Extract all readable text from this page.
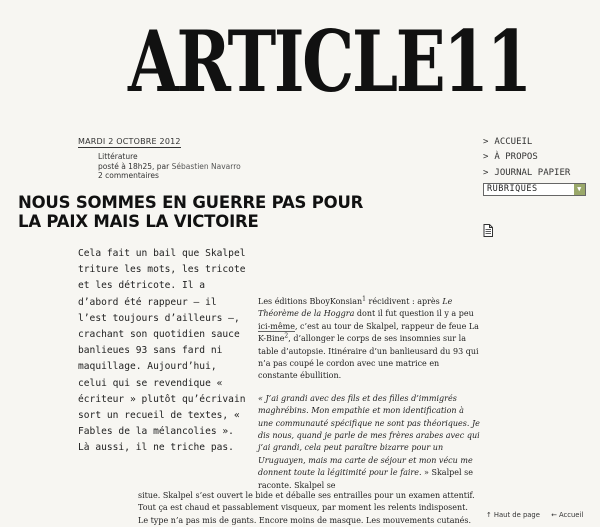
ARTICLE11
MARDI 2 OCTOBRE 2012
Littérature
posté à 18h25, par Sébastien Navarro
2 commentaires
NOUS SOMMES EN GUERRE PAS POUR LA PAIX MAIS LA VICTOIRE

Cela fait un bail que Skalpel triture les mots, les tricote et les détricote. Il a d’abord été rappeur – il l’est toujours d’ailleurs –, crachant son quotidien sauce banlieues 93 sans fard ni maquillage. Aujourd’hui, celui qui se revendique « écriteur » plutôt qu’écrivain sort un recueil de textes, « Fables de la mélancolies ». Là aussi, il ne triche pas.

Les éditions BboyKonsian$^1$ récidivent : après Le Théorème de la Hoggra dont il fut question il y a peu ici-même, c’est au tour de Skalpel, rappeur de feue La K-Bine$^2$, d’allonger le corps de ses insomnies sur la table d’autopsie. Itinéraire d’un banlieusard du 93 qui n’a pas coupé le cordon avec une matrice en constante ébullition.

« J’ai grandi avec des fils et des filles d’immigrés maghrébins. Mon empathie et mon identification à une communauté spécifique ne sont pas théoriques. Je dis nous, quand je parle de mes frères arabes avec qui j’ai grandi, cela peut paraître bizarre pour un Uruguayen, mais ma carte de séjour et mon vécu me donnent toute la légitimité pour le faire. » Skalpel se raconte. Skalpel se

situe. Skalpel s’est ouvert le bide et déballe ses entrailles pour un examen attentif. Tout ça est chaud et passablement visqueux, par moment les relents indisposent. Le type n’a pas mis de gants. Encore moins de masque. Les mouvements cutanés.

> ACCUEIL
> À PROPOS
> JOURNAL PAPIER
RUBRIQUES	▼
↑ Haut de page ← Accueil
